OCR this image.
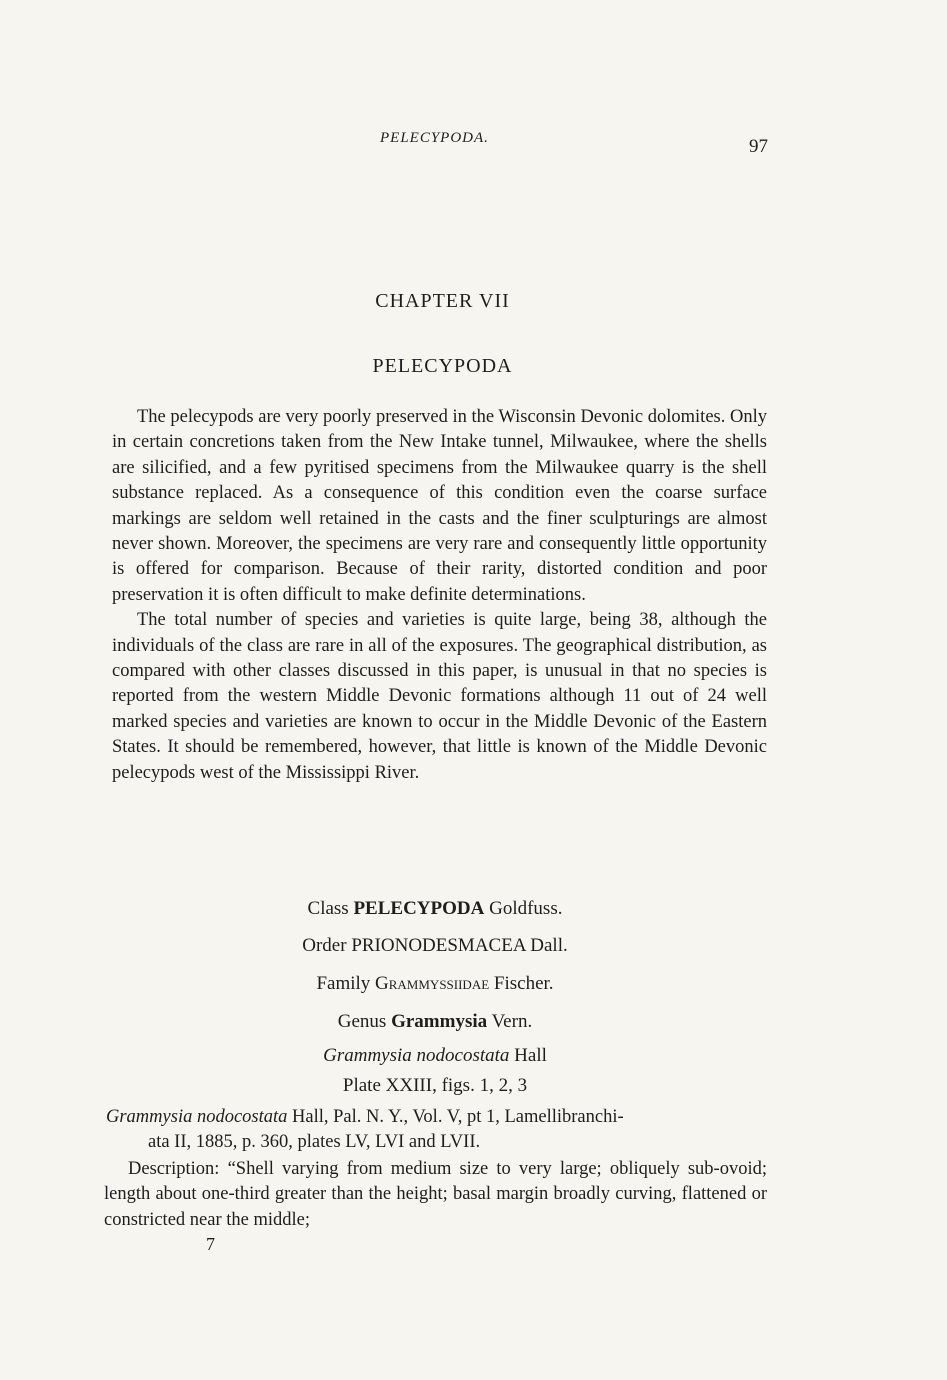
PELECYPODA.	97
CHAPTER VII
PELECYPODA

The pelecypods are very poorly preserved in the Wisconsin Devonic dolomites. Only in certain concretions taken from the New Intake tunnel, Milwaukee, where the shells are silicified, and a few pyritised specimens from the Milwaukee quarry is the shell substance replaced. As a consequence of this condition even the coarse surface markings are seldom well retained in the casts and the finer sculpturings are almost never shown. Moreover, the specimens are very rare and consequently little opportunity is offered for comparison. Because of their rarity, distorted condition and poor preservation it is often difficult to make definite determinations.

The total number of species and varieties is quite large, being 38, although the individuals of the class are rare in all of the exposures. The geographical distribution, as compared with other classes discussed in this paper, is unusual in that no species is reported from the western Middle Devonic formations although 11 out of 24 well marked species and varieties are known to occur in the Middle Devonic of the Eastern States. It should be remembered, however, that little is known of the Middle Devonic pelecypods west of the Mississippi River.

Class PELECYPODA Goldfuss.
Order PRIONODESMACEA Dall.
Family Grammyssiidae Fischer.
Genus Grammysia Vern.
Grammysia nodocostata Hall
Plate XXIII, figs. 1, 2, 3
Grammysia nodocostata Hall, Pal. N. Y., Vol. V, pt 1, Lamellibranchi-
ata II, 1885, p. 360, plates LV, LVI and LVII.

Description: “Shell varying from medium size to very large; obliquely sub-ovoid; length about one-third greater than the height; basal margin broadly curving, flattened or constricted near the middle;

7
